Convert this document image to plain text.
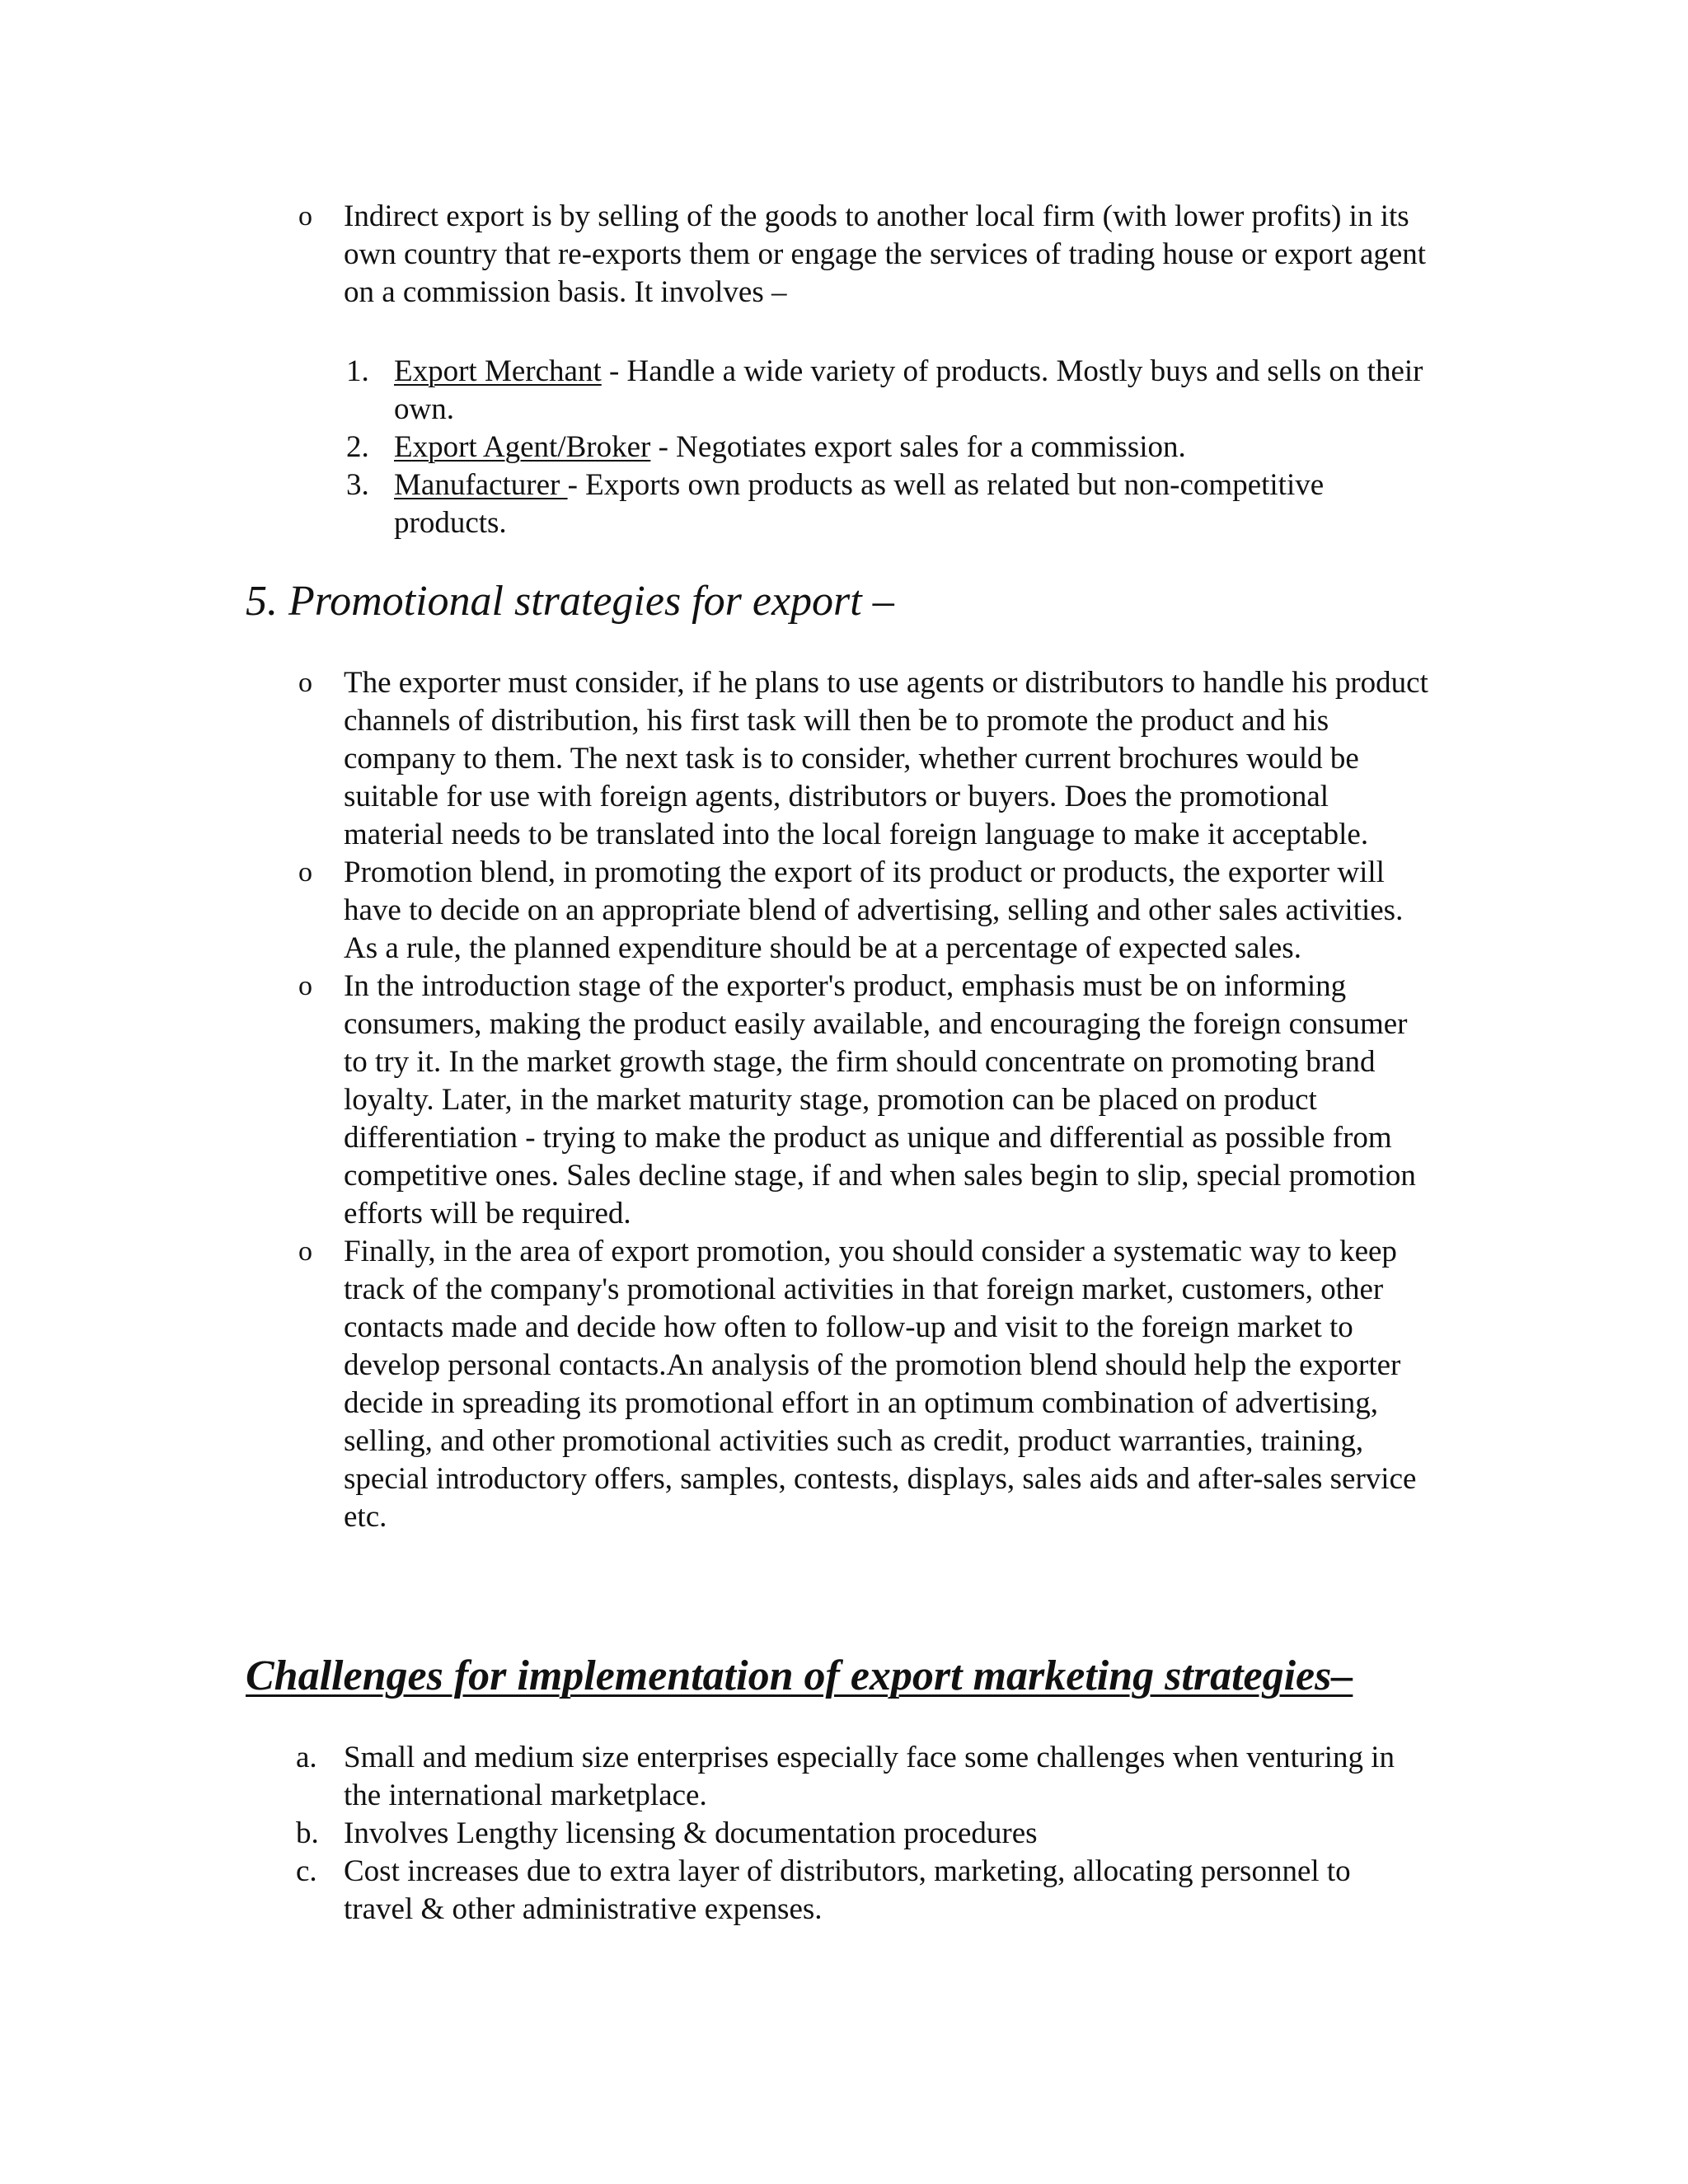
o Indirect export is by selling of the goods to another local firm (with lower profits) in its own country that re-exports them or engage the services of trading house or export agent on a commission basis. It involves –
1. Export Merchant - Handle a wide variety of products. Mostly buys and sells on their own.
2. Export Agent/Broker - Negotiates export sales for a commission.
3. Manufacturer - Exports own products as well as related but non-competitive products.
5. Promotional strategies for export –
o The exporter must consider, if he plans to use agents or distributors to handle his product channels of distribution, his first task will then be to promote the product and his company to them. The next task is to consider, whether current brochures would be suitable for use with foreign agents, distributors or buyers. Does the promotional material needs to be translated into the local foreign language to make it acceptable.
o Promotion blend, in promoting the export of its product or products, the exporter will have to decide on an appropriate blend of advertising, selling and other sales activities. As a rule, the planned expenditure should be at a percentage of expected sales.
o In the introduction stage of the exporter's product, emphasis must be on informing consumers, making the product easily available, and encouraging the foreign consumer to try it. In the market growth stage, the firm should concentrate on promoting brand loyalty. Later, in the market maturity stage, promotion can be placed on product differentiation - trying to make the product as unique and differential as possible from competitive ones. Sales decline stage, if and when sales begin to slip, special promotion efforts will be required.
o Finally, in the area of export promotion, you should consider a systematic way to keep track of the company's promotional activities in that foreign market, customers, other contacts made and decide how often to follow-up and visit to the foreign market to develop personal contacts.An analysis of the promotion blend should help the exporter decide in spreading its promotional effort in an optimum combination of advertising, selling, and other promotional activities such as credit, product warranties, training, special introductory offers, samples, contests, displays, sales aids and after-sales service etc.
Challenges for implementation of export marketing strategies–
a. Small and medium size enterprises especially face some challenges when venturing in the international marketplace.
b. Involves Lengthy licensing & documentation procedures
c. Cost increases due to extra layer of distributors, marketing, allocating personnel to travel & other administrative expenses.
